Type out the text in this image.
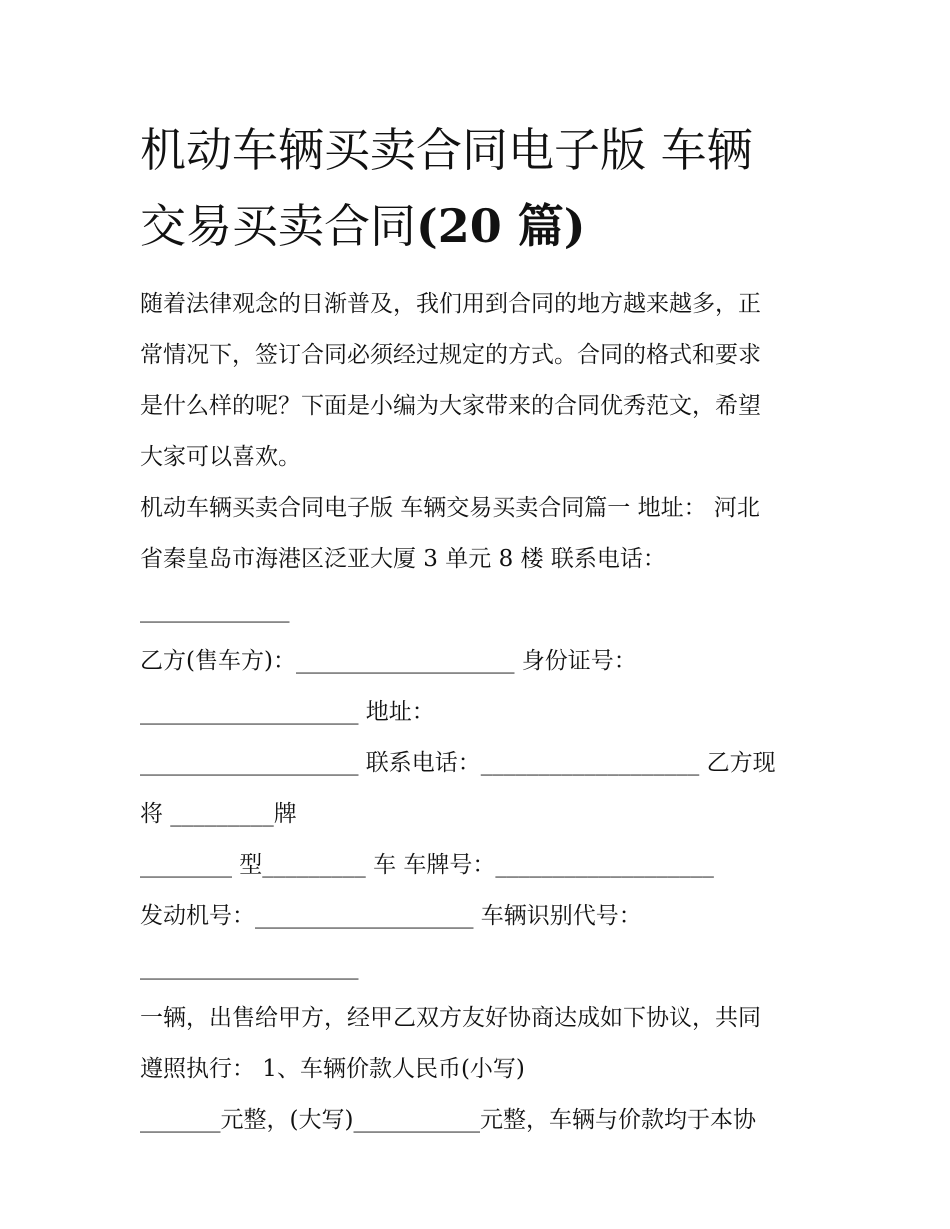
机动车辆买卖合同电子版 车辆
交易买卖合同(20 篇)
随着法律观念的日渐普及，我们用到合同的地方越来越多，正
常情况下，签订合同必须经过规定的方式。合同的格式和要求
是什么样的呢？下面是小编为大家带来的合同优秀范文，希望
大家可以喜欢。
机动车辆买卖合同电子版 车辆交易买卖合同篇一 地址： 河北
省秦皇岛市海港区泛亚大厦 3 单元 8 楼 联系电话：
_____________
乙方(售车方)：___________________ 身份证号：
___________________ 地址：
___________________ 联系电话：___________________ 乙方现
将 _________牌
________ 型_________ 车 车牌号：___________________
发动机号：___________________ 车辆识别代号：
___________________
一辆，出售给甲方，经甲乙双方友好协商达成如下协议，共同
遵照执行： 1、车辆价款人民币(小写)
_______元整，(大写)___________元整，车辆与价款均于本协
